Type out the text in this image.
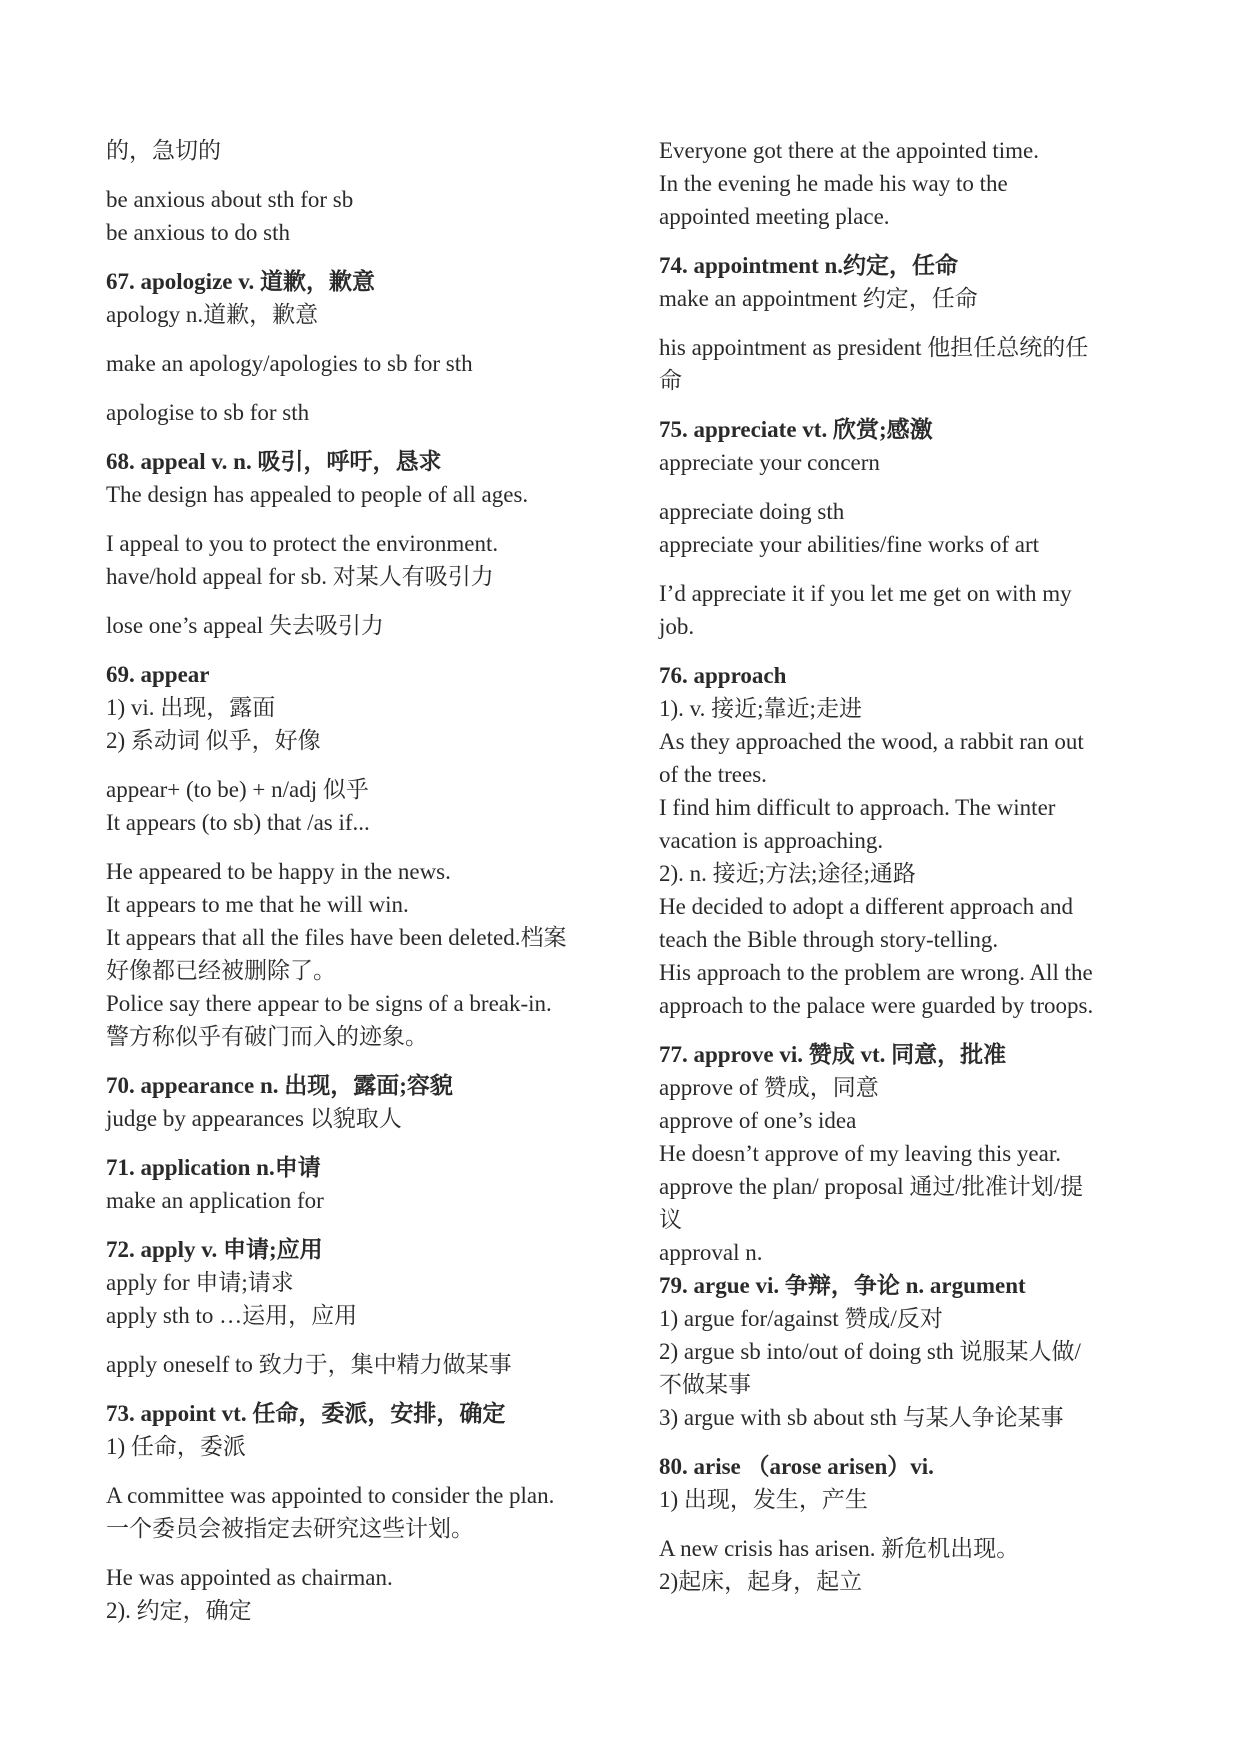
的，急切的
be anxious about sth for sb
be anxious to do sth
67. apologize v. 道歉，歉意
apology n.道歉，歉意
make an apology/apologies to sb for sth
apologise to sb for sth
68. appeal v. n. 吸引，呼吁，恳求
The design has appealed to people of all ages.
I appeal to you to protect the environment.
have/hold appeal for sb. 对某人有吸引力
lose one’s appeal 失去吸引力
69. appear
1) vi. 出现，露面
2) 系动词 似乎，好像
appear+ (to be) + n/adj 似乎
It appears (to sb) that /as if...
He appeared to be happy in the news.
It appears to me that he will win.
It appears that all the files have been deleted.档案
好像都已经被删除了。
Police say there appear to be signs of a break-in.
警方称似乎有破门而入的迹象。
70. appearance n. 出现，露面;容貌
judge by appearances 以貌取人
71. application n.申请
make an application for
72. apply v. 申请;应用
apply for 申请;请求
apply sth to …运用，应用
apply oneself to 致力于，集中精力做某事
73. appoint vt. 任命，委派，安排，确定
1) 任命，委派
A committee was appointed to consider the plan.
一个委员会被指定去研究这些计划。
He was appointed as chairman.
2). 约定，确定
Everyone got there at the appointed time.
In the evening he made his way to the
appointed meeting place.
74. appointment n.约定，任命
make an appointment 约定，任命
his appointment as president 他担任总统的任
命
75. appreciate vt. 欣赏;感激
appreciate your concern
appreciate doing sth
appreciate your abilities/fine works of art
I’d appreciate it if you let me get on with my
job.
76. approach
1). v. 接近;靠近;走进
As they approached the wood, a rabbit ran out
of the trees.
I find him difficult to approach. The winter
vacation is approaching.
2). n. 接近;方法;途径;通路
He decided to adopt a different approach and
teach the Bible through story-telling.
His approach to the problem are wrong. All the
approach to the palace were guarded by troops.
77. approve vi. 赞成 vt. 同意，批准
approve of 赞成，同意
approve of one’s idea
He doesn’t approve of my leaving this year.
approve the plan/ proposal 通过/批准计划/提
议
approval n.
79. argue vi. 争辩，争论 n. argument
1) argue for/against 赞成/反对
2) argue sb into/out of doing sth 说服某人做/
不做某事
3) argue with sb about sth 与某人争论某事
80. arise （arose arisen）vi.
1) 出现，发生，产生
A new crisis has arisen. 新危机出现。
2)起床，起身，起立
